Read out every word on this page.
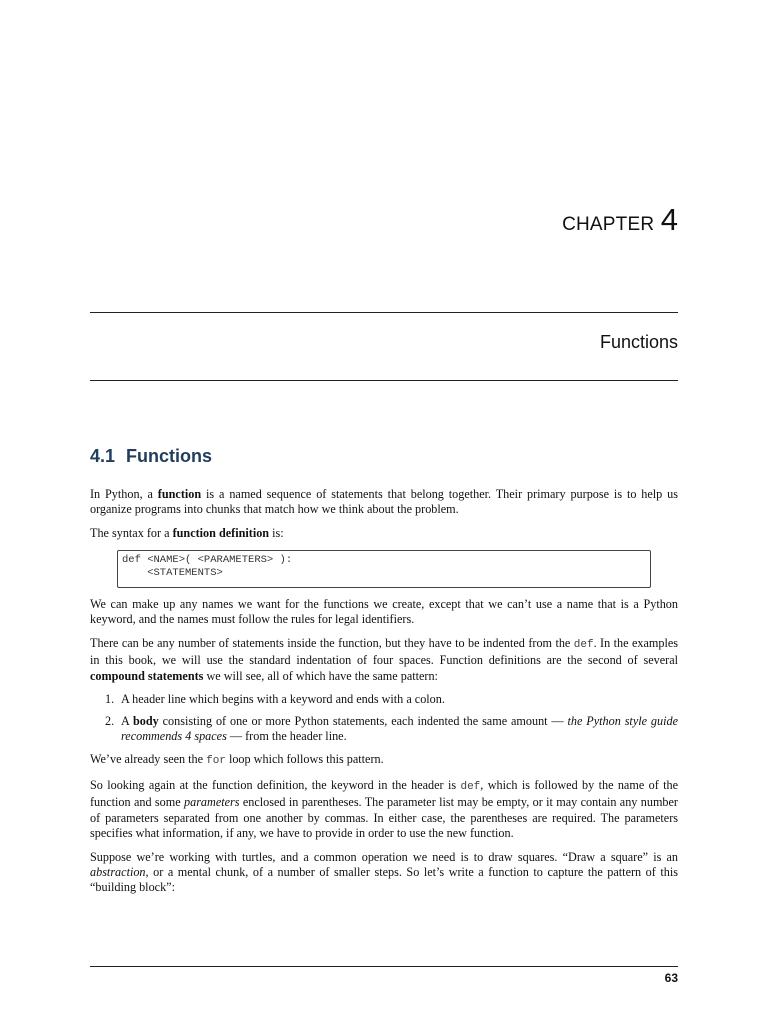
CHAPTER 4
Functions
4.1 Functions

In Python, a function is a named sequence of statements that belong together. Their primary purpose is to help us organize programs into chunks that match how we think about the problem.

The syntax for a function definition is:

def <NAME>( <PARAMETERS> ):
<STATEMENTS>

We can make up any names we want for the functions we create, except that we can’t use a name that is a Python keyword, and the names must follow the rules for legal identifiers.

There can be any number of statements inside the function, but they have to be indented from the def. In the examples in this book, we will use the standard indentation of four spaces. Function definitions are the second of several compound statements we will see, all of which have the same pattern:

1. A header line which begins with a keyword and ends with a colon.
2. A body consisting of one or more Python statements, each indented the same amount — the Python style guide recommends 4 spaces — from the header line.

We’ve already seen the for loop which follows this pattern.

So looking again at the function definition, the keyword in the header is def, which is followed by the name of the function and some parameters enclosed in parentheses. The parameter list may be empty, or it may contain any number of parameters separated from one another by commas. In either case, the parentheses are required. The parameters specifies what information, if any, we have to provide in order to use the new function.

Suppose we’re working with turtles, and a common operation we need is to draw squares. “Draw a square” is an abstraction, or a mental chunk, of a number of smaller steps. So let’s write a function to capture the pattern of this “building block”:

63
